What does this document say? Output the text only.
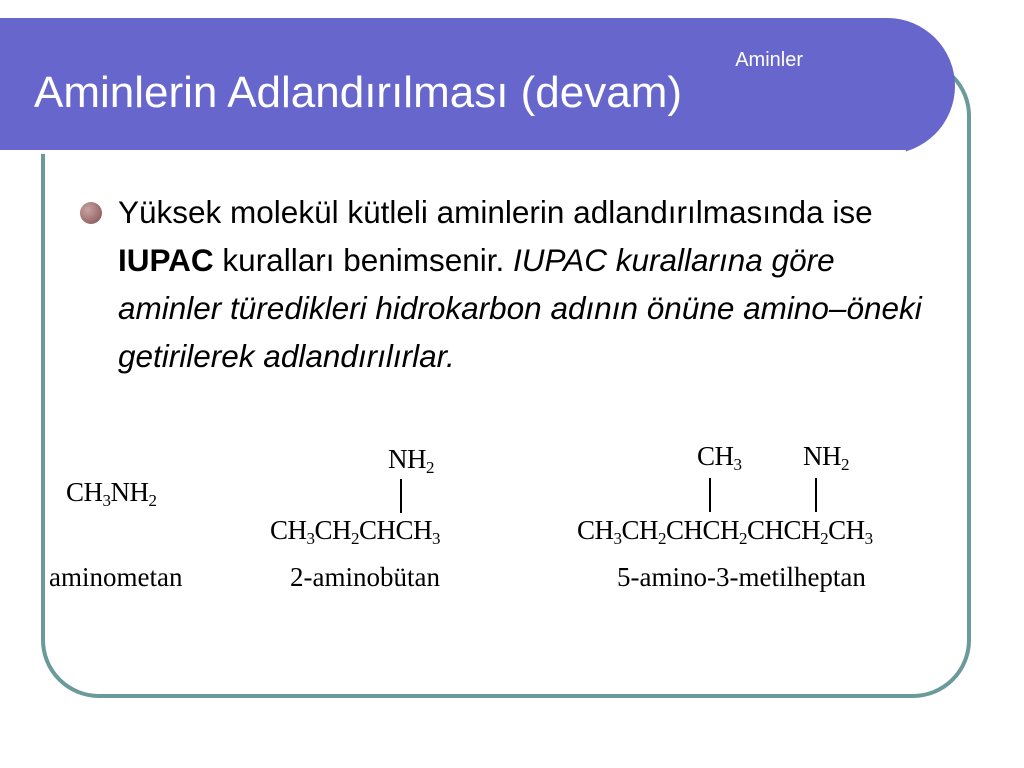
Aminler
Aminlerin Adlandırılması (devam)

Yüksek molekül kütleli aminlerin adlandırılmasında ise IUPAC kuralları benimsenir. IUPAC kurallarına göre aminler türedikleri hidrokarbon adının önüne amino–öneki getirilerek adlandırılırlar.

$CH_3NH_2$
aminometan
$NH_2$
$CH_3CH_2CHCH_3$
2-aminobütan
$CH_3$ $NH_2$
$CH_3CH_2CHCH_2CHCH_2CH_3$
5-amino-3-metilheptan
